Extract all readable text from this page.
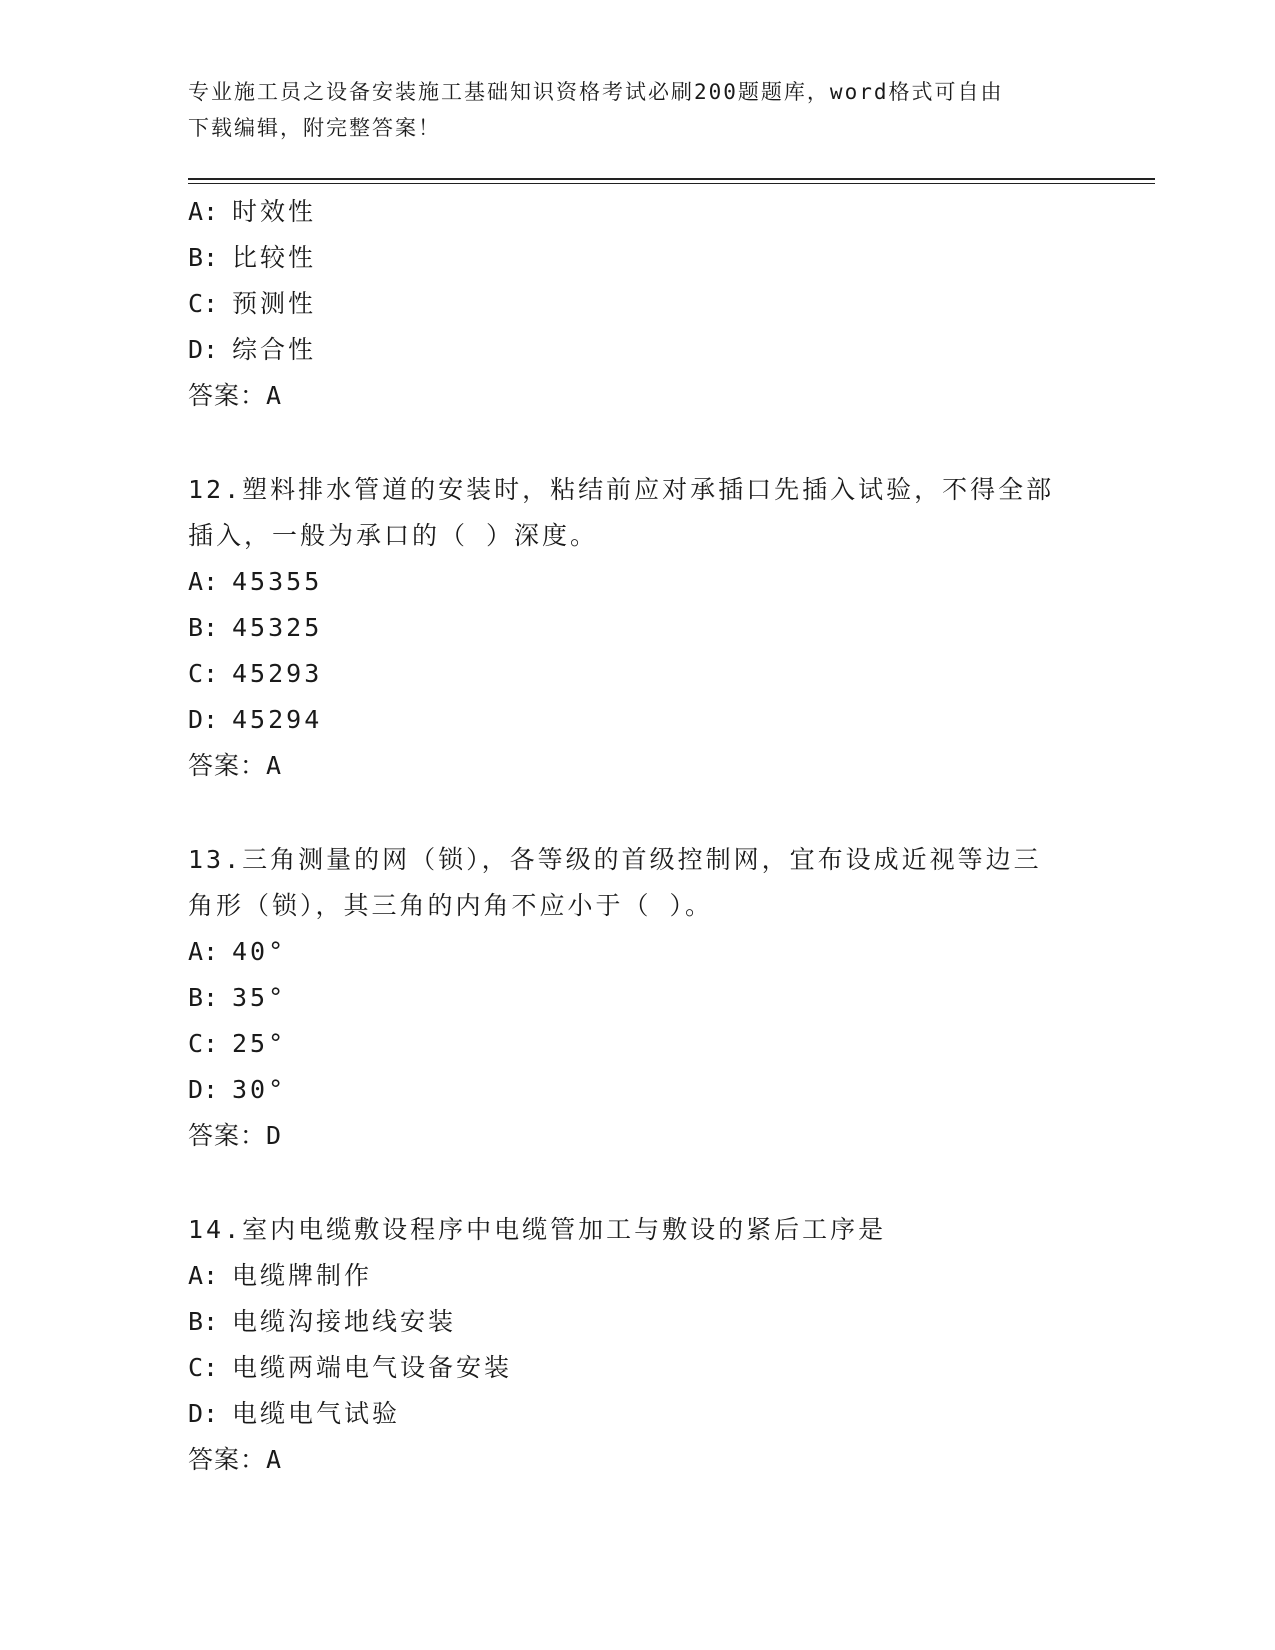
专业施工员之设备安装施工基础知识资格考试必刷200题题库，word格式可自由
下载编辑，附完整答案！
A: 时效性
B: 比较性
C: 预测性
D: 综合性
答案：A
12.塑料排水管道的安装时，粘结前应对承插口先插入试验，不得全部
插入，一般为承口的（ ）深度。
A: 45355
B: 45325
C: 45293
D: 45294
答案：A
13.三角测量的网（锁），各等级的首级控制网，宜布设成近视等边三
角形（锁），其三角的内角不应小于（ ）。
A: 40°
B: 35°
C: 25°
D: 30°
答案：D
14.室内电缆敷设程序中电缆管加工与敷设的紧后工序是
A: 电缆牌制作
B: 电缆沟接地线安装
C: 电缆两端电气设备安装
D: 电缆电气试验
答案：A
